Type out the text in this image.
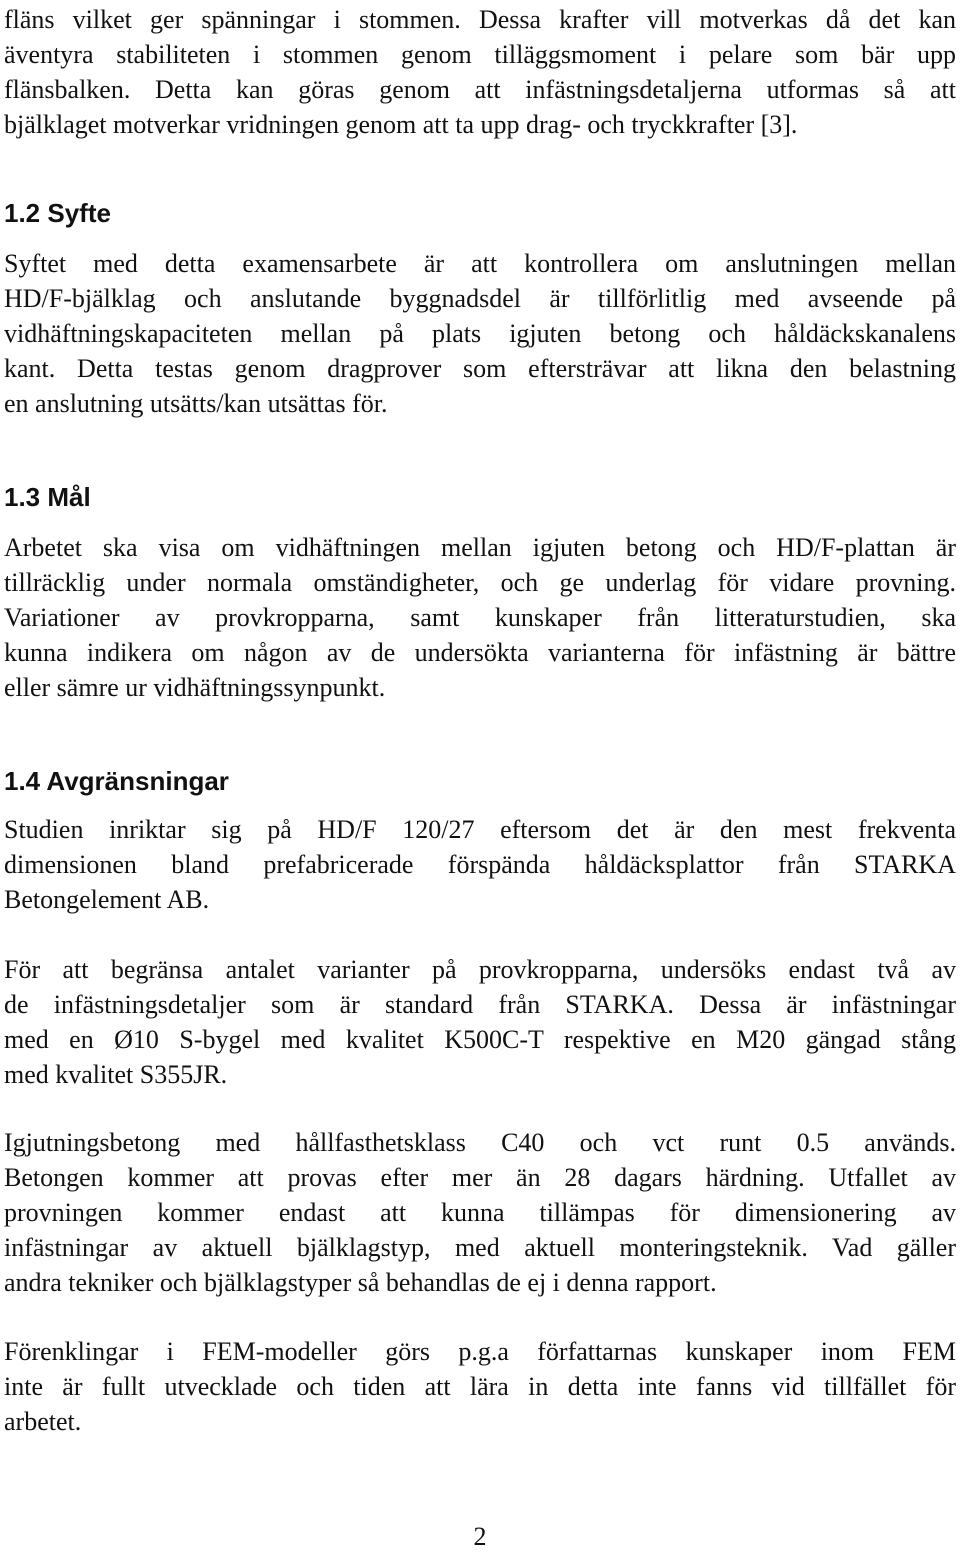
fläns vilket ger spänningar i stommen. Dessa krafter vill motverkas då det kan
äventyra stabiliteten i stommen genom tilläggsmoment i pelare som bär upp
flänsbalken. Detta kan göras genom att infästningsdetaljerna utformas så att
bjälklaget motverkar vridningen genom att ta upp drag- och tryckkrafter [3].
1.2 Syfte
Syftet med detta examensarbete är att kontrollera om anslutningen mellan
HD/F-bjälklag och anslutande byggnadsdel är tillförlitlig med avseende på
vidhäftningskapaciteten mellan på plats igjuten betong och håldäckskanalens
kant. Detta testas genom dragprover som eftersträvar att likna den belastning
en anslutning utsätts/kan utsättas för.
1.3 Mål
Arbetet ska visa om vidhäftningen mellan igjuten betong och HD/F-plattan är
tillräcklig under normala omständigheter, och ge underlag för vidare provning.
Variationer av provkropparna, samt kunskaper från litteraturstudien, ska
kunna indikera om någon av de undersökta varianterna för infästning är bättre
eller sämre ur vidhäftningssynpunkt.
1.4 Avgränsningar
Studien inriktar sig på HD/F 120/27 eftersom det är den mest frekventa
dimensionen bland prefabricerade förspända håldäcksplattor från STARKA
Betongelement AB.
För att begränsa antalet varianter på provkropparna, undersöks endast två av
de infästningsdetaljer som är standard från STARKA. Dessa är infästningar
med en Ø10 S-bygel med kvalitet K500C-T respektive en M20 gängad stång
med kvalitet S355JR.
Igjutningsbetong med hållfasthetsklass C40 och vct runt 0.5 används.
Betongen kommer att provas efter mer än 28 dagars härdning. Utfallet av
provningen kommer endast att kunna tillämpas för dimensionering av
infästningar av aktuell bjälklagstyp, med aktuell monteringsteknik. Vad gäller
andra tekniker och bjälklagstyper så behandlas de ej i denna rapport.
Förenklingar i FEM-modeller görs p.g.a författarnas kunskaper inom FEM
inte är fullt utvecklade och tiden att lära in detta inte fanns vid tillfället för
arbetet.
2
